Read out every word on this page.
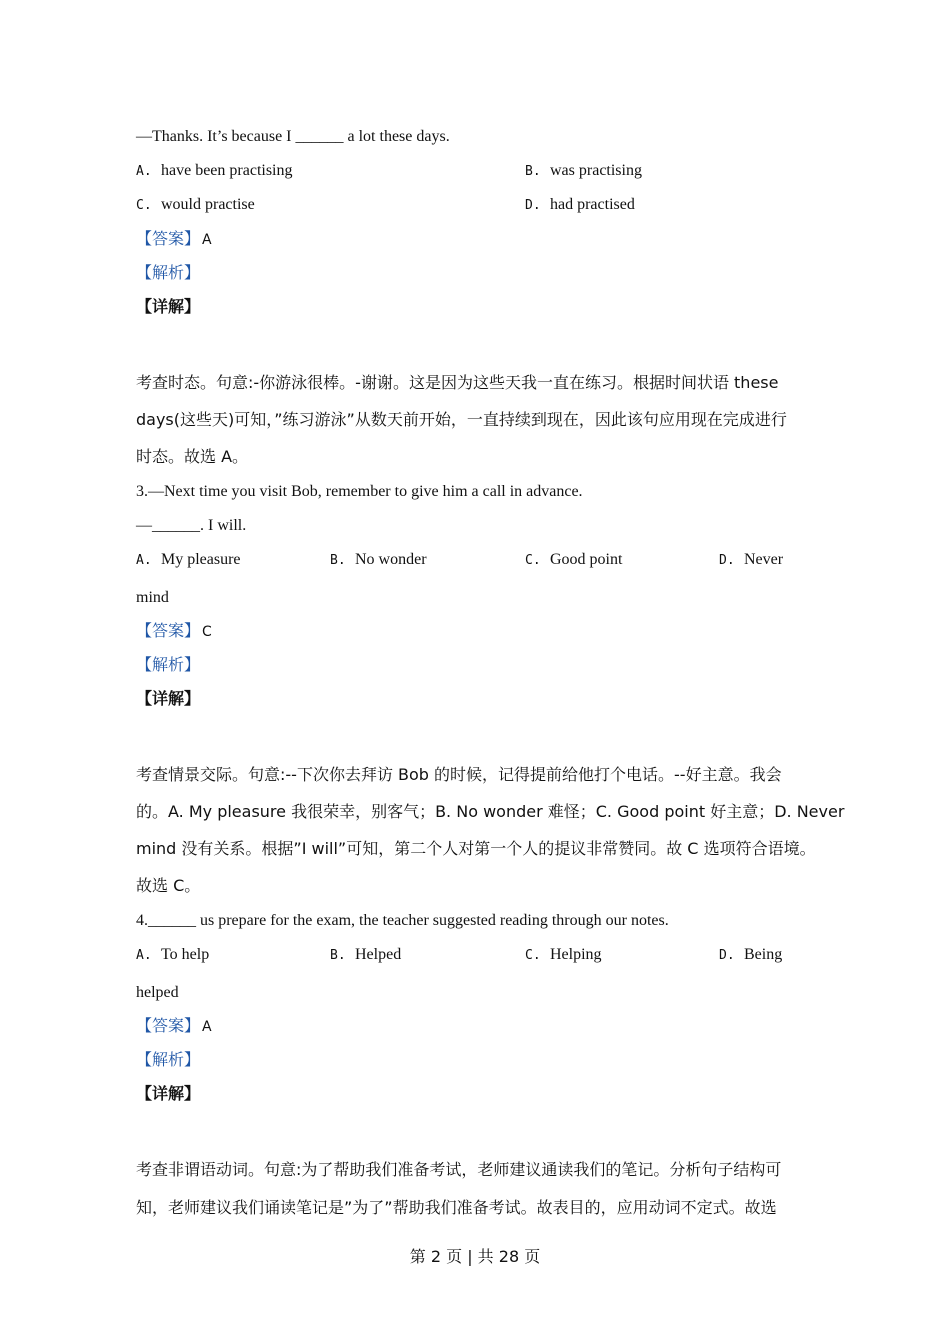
—Thanks. It’s because I ______ a lot these days.
A. have been practising	B. was practising
C. would practise	D. had practised
【答案】 A
【解析】
【详解】
考查时态。句意:-你游泳很棒。-谢谢。这是因为这些天我一直在练习。根据时间状语 these
days(这些天)可知，”练习游泳”从数天前开始，一直持续到现在，因此该句应用现在完成进行
时态。故选 A。
3.—Next time you visit Bob, remember to give him a call in advance.
—______. I will.
A. My pleasure	B. No wonder	C. Good point	D. Never
mind
【答案】 C
【解析】
【详解】
考查情景交际。句意:--下次你去拜访 Bob 的时候，记得提前给他打个电话。--好主意。我会
的。A. My pleasure 我很荣幸，别客气；B. No wonder 难怪；C. Good point 好主意；D. Never
mind 没有关系。根据”I will”可知，第二个人对第一个人的提议非常赞同。故 C 选项符合语境。
故选 C。
4.______ us prepare for the exam, the teacher suggested reading through our notes.
A. To help	B. Helped	C. Helping	D. Being
helped
【答案】 A
【解析】
【详解】
考查非谓语动词。句意:为了帮助我们准备考试，老师建议通读我们的笔记。分析句子结构可
知，老师建议我们诵读笔记是”为了”帮助我们准备考试。故表目的，应用动词不定式。故选
第 2 页 | 共 28 页
